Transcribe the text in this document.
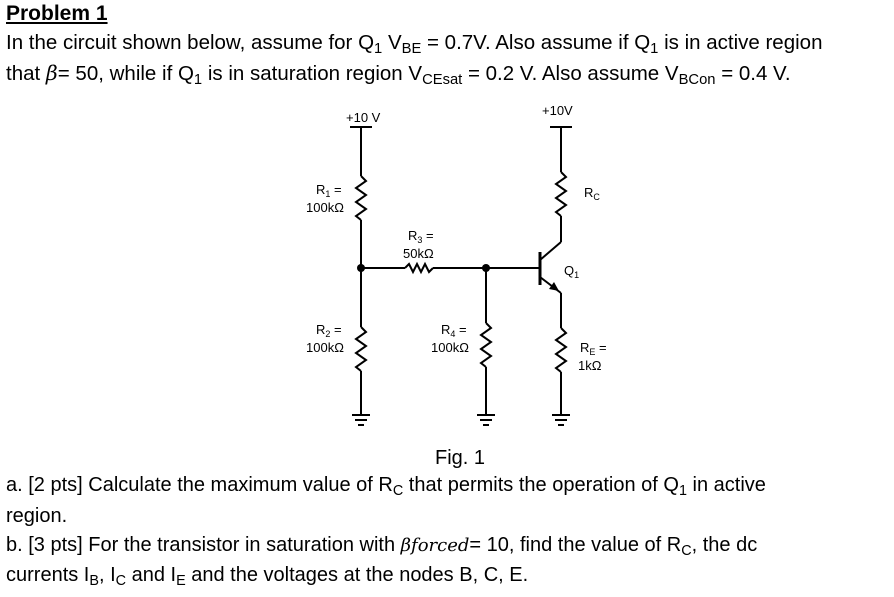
Problem 1
In the circuit shown below, assume for Q1 VBE = 0.7V. Also assume if Q1 is in active region
that β= 50, while if Q1 is in saturation region VCEsat = 0.2 V. Also assume VBCon = 0.4 V.
+10 V	+10V
$R_1$ =
100kΩ
$R_2$ =
100kΩ
$R_3$ =
50kΩ
$R_4$ =
100kΩ
$R_C$
$R_E$ =
1kΩ
$Q_1$
Fig. 1
a. [2 pts] Calculate the maximum value of RC that permits the operation of Q1 in active
region.
b. [3 pts] For the transistor in saturation with βforced= 10, find the value of RC, the dc
currents IB, IC and IE and the voltages at the nodes B, C, E.
